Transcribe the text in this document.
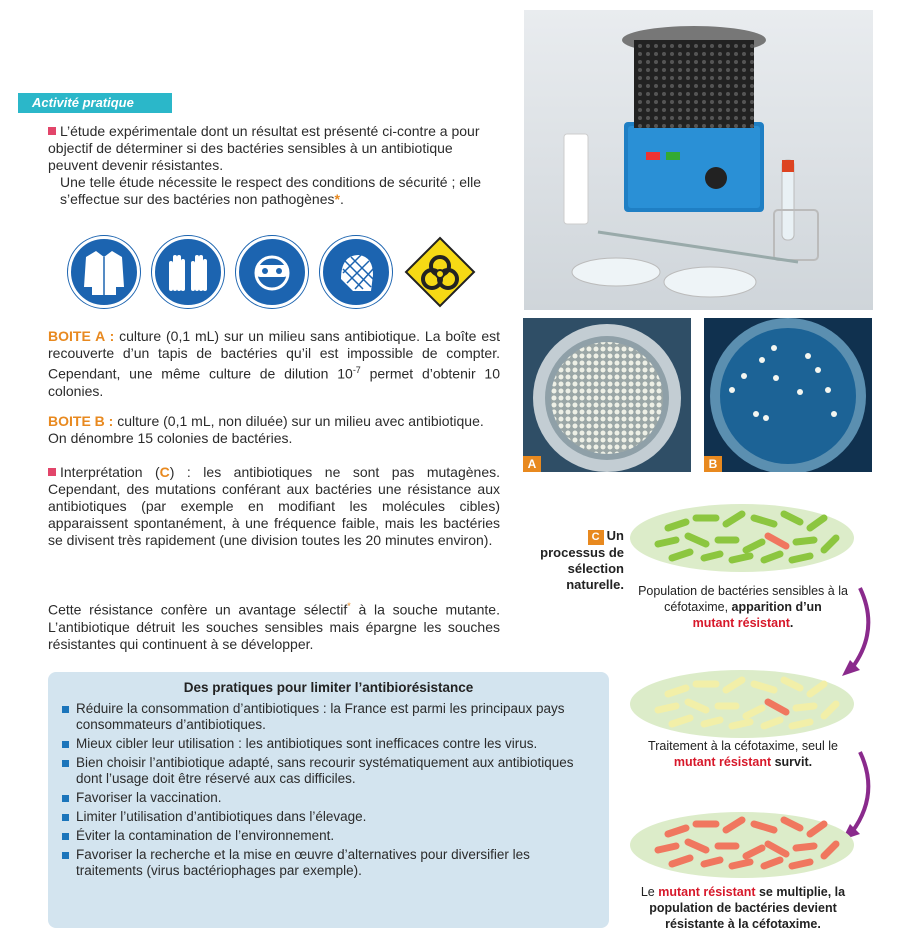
Activité pratique
L’étude expérimentale dont un résultat est présenté ci-contre a pour objectif de déterminer si des bactéries sensibles à un antibiotique peuvent devenir résistantes.
Une telle étude nécessite le respect des conditions de sécurité ; elle s’effectue sur des bactéries non pathogènes*.
BOITE A : culture (0,1 mL) sur un milieu sans antibiotique. La boîte est recouverte d’un tapis de bactéries qu’il est impossible de compter. Cependant, une même culture de dilution $10^{-7}$ permet d’obtenir 10 colonies.
BOITE B : culture (0,1 mL, non diluée) sur un milieu avec antibiotique. On dénombre 15 colonies de bactéries.
Interprétation (C) : les antibiotiques ne sont pas mutagènes. Cependant, des mutations conférant aux bactéries une résistance aux antibiotiques (par exemple en modifiant les molécules cibles) apparaissent spontanément, à une fréquence faible, mais les bactéries se divisent très rapidement (une division toutes les 20 minutes environ).
Cette résistance confère un avantage sélectif* à la souche mutante. L’antibiotique détruit les souches sensibles mais épargne les souches résistantes qui continuent à se développer.
Des pratiques pour limiter l’antibiorésistance
Réduire la consommation d’antibiotiques : la France est parmi les principaux pays consommateurs d’antibiotiques.
Mieux cibler leur utilisation : les antibiotiques sont inefficaces contre les virus.
Bien choisir l’antibiotique adapté, sans recourir systématiquement aux antibiotiques dont l’usage doit être réservé aux cas difficiles.
Favoriser la vaccination.
Limiter l’utilisation d’antibiotiques dans l’élevage.
Éviter la contamination de l’environnement.
Favoriser la recherche et la mise en œuvre d’alternatives pour diversifier les traitements (virus bactériophages par exemple).
A	B
C Un processus de sélection naturelle.	Population de bactéries sensibles à la céfotaxime, apparition d’un
mutant résistant.
Traitement à la céfotaxime, seul le mutant résistant survit.
Le mutant résistant se multiplie, la population de bactéries devient résistante à la céfotaxime.
